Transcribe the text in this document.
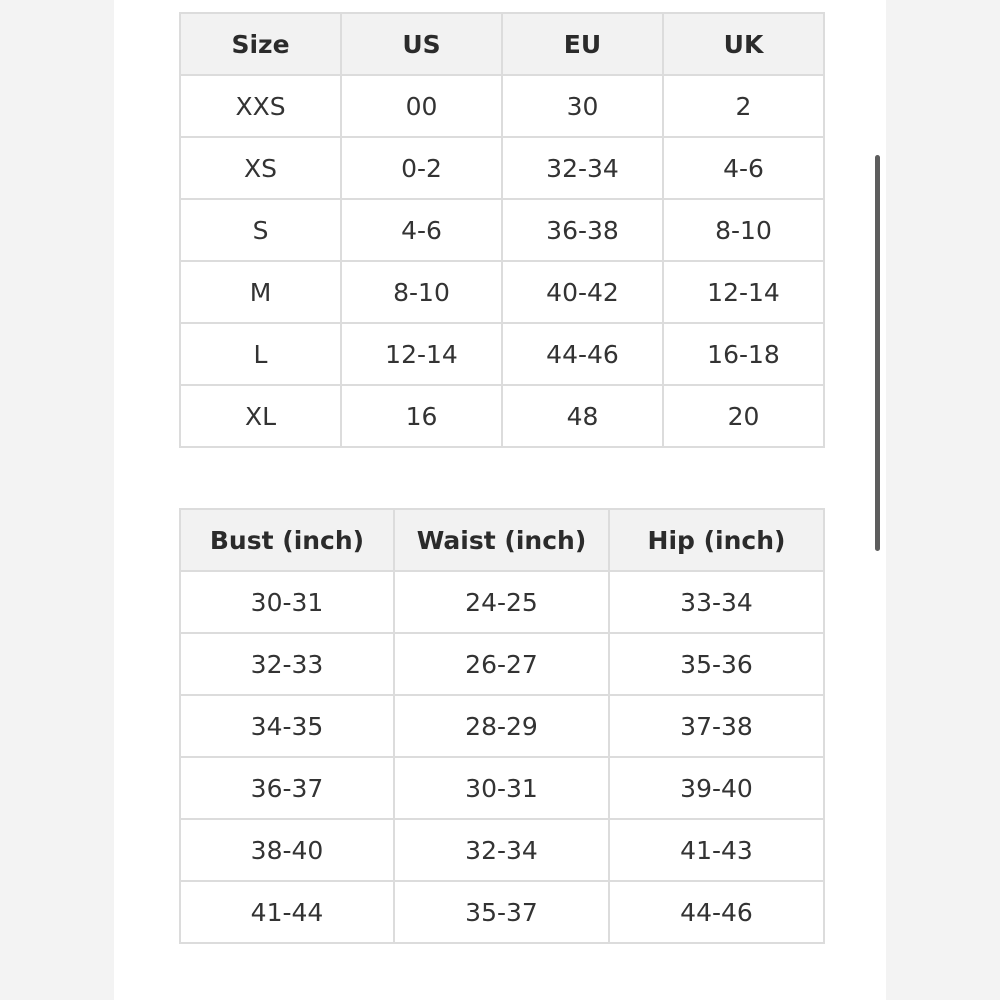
Size	US	EU	UK
XXS	00	30	2
XS	0-2	32-34	4-6
S	4-6	36-38	8-10
M	8-10	40-42	12-14
L	12-14	44-46	16-18
XL	16	48	20
Bust (inch)	Waist (inch)	Hip (inch)
30-31	24-25	33-34
32-33	26-27	35-36
34-35	28-29	37-38
36-37	30-31	39-40
38-40	32-34	41-43
41-44	35-37	44-46
